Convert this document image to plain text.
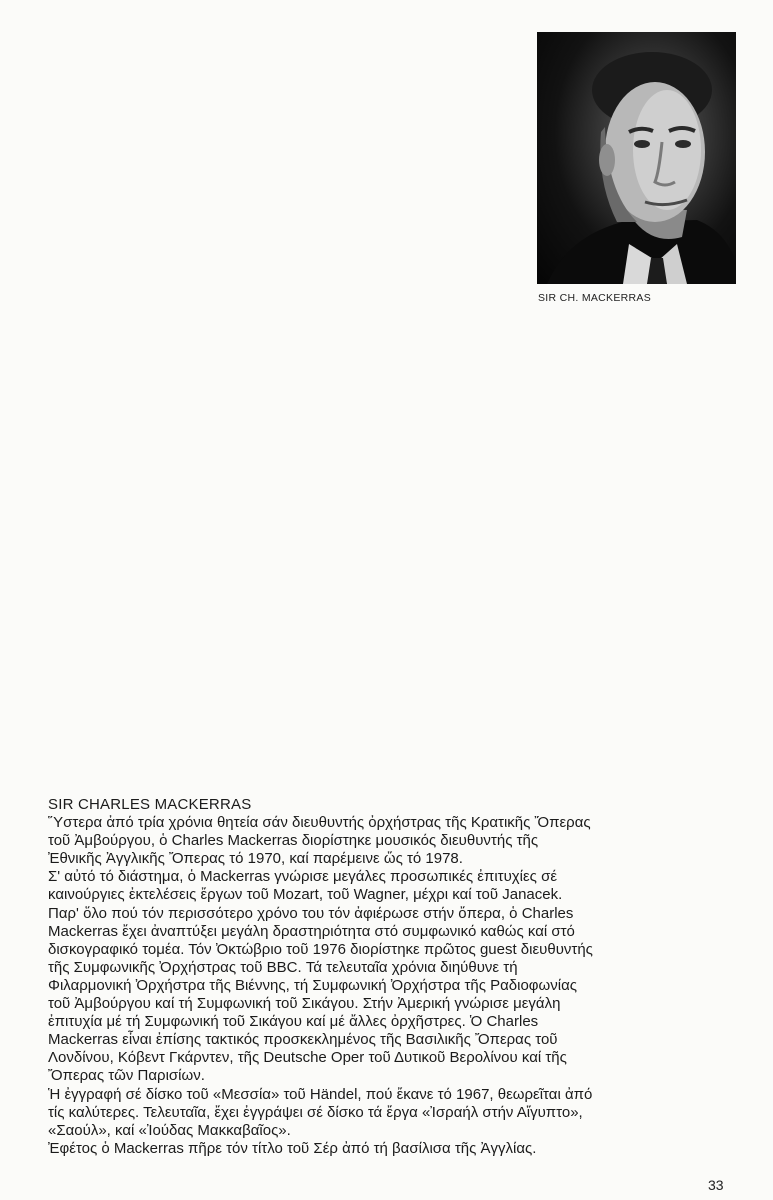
SIR CH. MACKERRAS
SIR CHARLES MACKERRAS
Ὕστερα ἀπό τρία χρόνια θητεία σάν διευθυντής ὀρχήστρας τῆς Κρατικῆς Ὄπερας
τοῦ Ἀμβούργου, ὁ Charles Mackerras διορίστηκε μουσικός διευθυντής τῆς
Ἐθνικῆς Ἀγγλικῆς Ὄπερας τό 1970, καί παρέμεινε ὥς τό 1978.
Σ' αὐτό τό διάστημα, ὁ Mackerras γνώρισε μεγάλες προσωπικές ἐπιτυχίες σέ
καινούργιες ἐκτελέσεις ἔργων τοῦ Mozart, τοῦ Wagner, μέχρι καί τοῦ Janacek.
Παρ' ὅλο πού τόν περισσότερο χρόνο του τόν ἀφιέρωσε στήν ὄπερα, ὁ Charles
Mackerras ἔχει ἀναπτύξει μεγάλη δραστηριότητα στό συμφωνικό καθώς καί στό
δισκογραφικό τομέα. Τόν Ὀκτώβριο τοῦ 1976 διορίστηκε πρῶτος guest διευθυντής
τῆς Συμφωνικῆς Ὀρχήστρας τοῦ BBC. Τά τελευταῖα χρόνια διηύθυνε τή
Φιλαρμονική Ὀρχήστρα τῆς Βιέννης, τή Συμφωνική Ὀρχήστρα τῆς Ραδιοφωνίας
τοῦ Ἀμβούργου καί τή Συμφωνική τοῦ Σικάγου. Στήν Ἀμερική γνώρισε μεγάλη
ἐπιτυχία μέ τή Συμφωνική τοῦ Σικάγου καί μέ ἄλλες ὀρχῆστρες. Ὁ Charles
Mackerras εἶναι ἐπίσης τακτικός προσκεκλημένος τῆς Βασιλικῆς Ὄπερας τοῦ
Λονδίνου, Κόβεντ Γκάρντεν, τῆς Deutsche Oper τοῦ Δυτικοῦ Βερολίνου καί τῆς
Ὄπερας τῶν Παρισίων.
Ἡ ἐγγραφή σέ δίσκο τοῦ «Μεσσία» τοῦ Händel, πού ἔκανε τό 1967, θεωρεῖται ἀπό
τίς καλύτερες. Τελευταῖα, ἔχει ἐγγράψει σέ δίσκο τά ἔργα «Ἰσραήλ στήν Αἴγυπτο»,
«Σαούλ», καί «Ἰούδας Μακκαβαῖος».
Ἐφέτος ὁ Mackerras πῆρε τόν τίτλο τοῦ Σέρ ἀπό τή βασίλισα τῆς Ἀγγλίας.
33
